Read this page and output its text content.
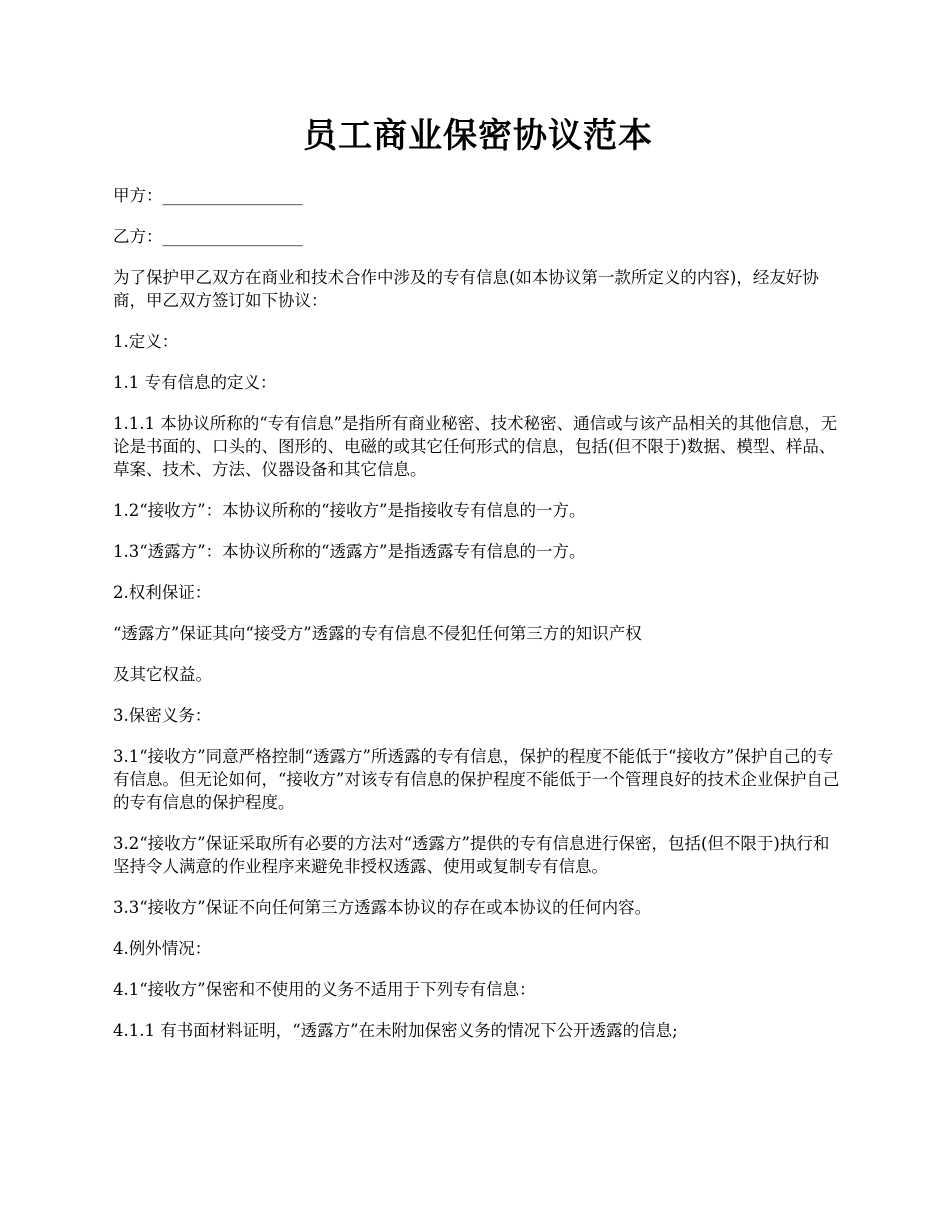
员工商业保密协议范本

甲方：_________________

乙方：_________________

为了保护甲乙双方在商业和技术合作中涉及的专有信息(如本协议第一款所定义的内容)，经友好协商，甲乙双方签订如下协议：

1.定义：

1.1 专有信息的定义：

1.1.1 本协议所称的“专有信息”是指所有商业秘密、技术秘密、通信或与该产品相关的其他信息，无论是书面的、口头的、图形的、电磁的或其它任何形式的信息，包括(但不限于)数据、模型、样品、草案、技术、方法、仪器设备和其它信息。

1.2“接收方”：本协议所称的“接收方”是指接收专有信息的一方。

1.3“透露方”：本协议所称的“透露方”是指透露专有信息的一方。

2.权利保证：

“透露方”保证其向“接受方”透露的专有信息不侵犯任何第三方的知识产权

及其它权益。

3.保密义务：

3.1“接收方”同意严格控制“透露方”所透露的专有信息，保护的程度不能低于“接收方”保护自己的专有信息。但无论如何，“接收方”对该专有信息的保护程度不能低于一个管理良好的技术企业保护自己的专有信息的保护程度。

3.2“接收方”保证采取所有必要的方法对“透露方”提供的专有信息进行保密，包括(但不限于)执行和坚持令人满意的作业程序来避免非授权透露、使用或复制专有信息。

3.3“接收方”保证不向任何第三方透露本协议的存在或本协议的任何内容。

4.例外情况：

4.1“接收方”保密和不使用的义务不适用于下列专有信息：

4.1.1 有书面材料证明，“透露方”在未附加保密义务的情况下公开透露的信息;
